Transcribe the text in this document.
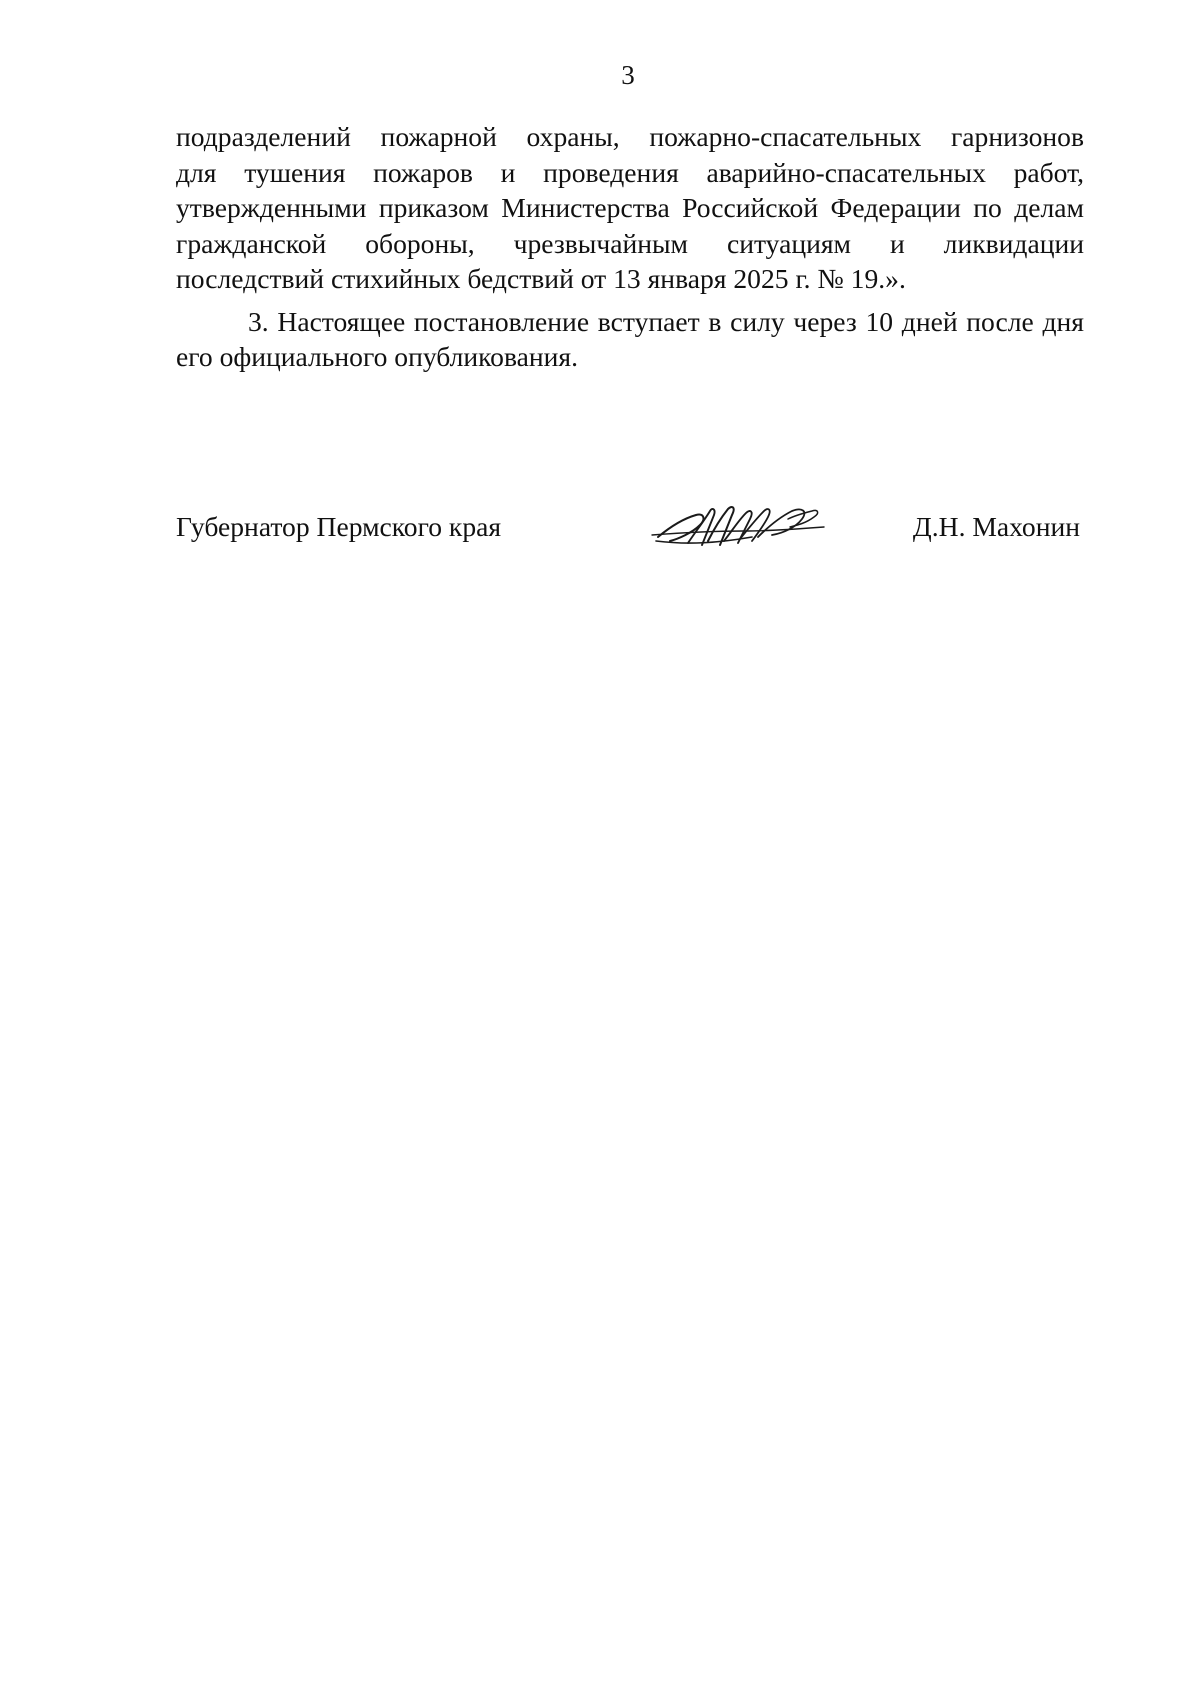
3
подразделений пожарной охраны, пожарно-спасательных гарнизонов
для тушения пожаров и проведения аварийно-спасательных работ,
утвержденными приказом Министерства Российской Федерации по делам
гражданской обороны, чрезвычайным ситуациям и ликвидации
последствий стихийных бедствий от 13 января 2025 г. № 19.».
3. Настоящее постановление вступает в силу через 10 дней после дня
его официального опубликования.
Губернатор Пермского края	Д.Н. Махонин
